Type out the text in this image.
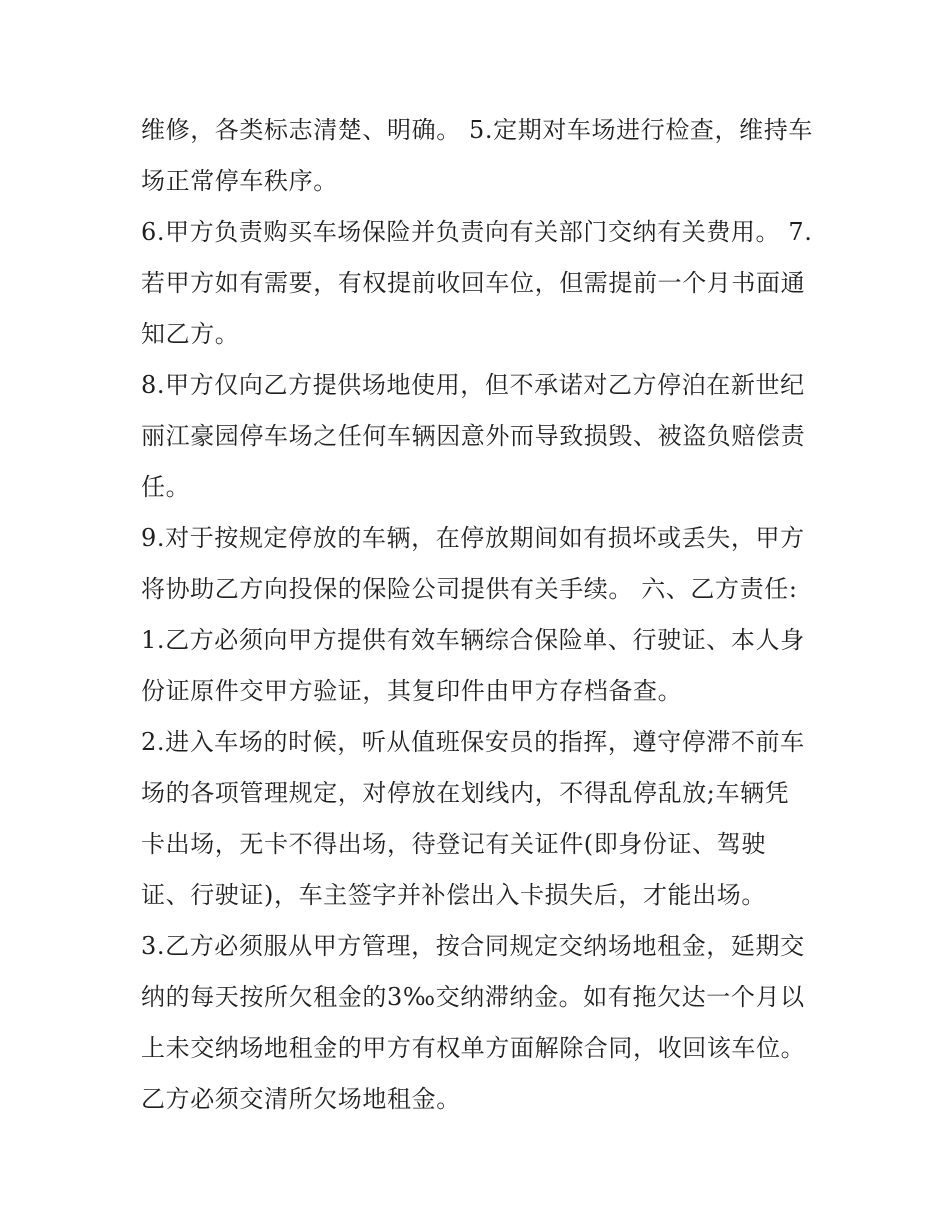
维修，各类标志清楚、明确。 5.定期对车场进行检查，维持车
场正常停车秩序。
6.甲方负责购买车场保险并负责向有关部门交纳有关费用。 7.
若甲方如有需要，有权提前收回车位，但需提前一个月书面通
知乙方。
8.甲方仅向乙方提供场地使用，但不承诺对乙方停泊在新世纪
丽江豪园停车场之任何车辆因意外而导致损毁、被盗负赔偿责
任。
9.对于按规定停放的车辆，在停放期间如有损坏或丢失，甲方
将协助乙方向投保的保险公司提供有关手续。 六、乙方责任:
1.乙方必须向甲方提供有效车辆综合保险单、行驶证、本人身
份证原件交甲方验证，其复印件由甲方存档备查。
2.进入车场的时候，听从值班保安员的指挥，遵守停滞不前车
场的各项管理规定，对停放在划线内，不得乱停乱放;车辆凭
卡出场，无卡不得出场，待登记有关证件(即身份证、驾驶
证、行驶证)，车主签字并补偿出入卡损失后，才能出场。
3.乙方必须服从甲方管理，按合同规定交纳场地租金，延期交
纳的每天按所欠租金的3‰交纳滞纳金。如有拖欠达一个月以
上未交纳场地租金的甲方有权单方面解除合同，收回该车位。
乙方必须交清所欠场地租金。
